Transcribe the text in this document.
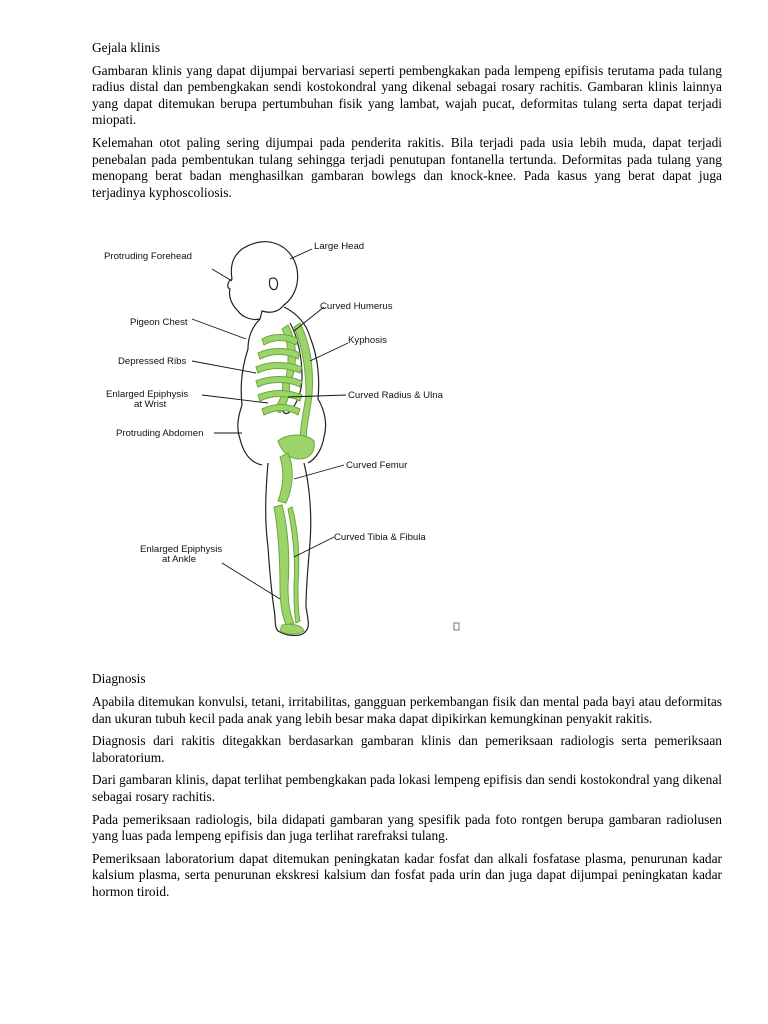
Gejala klinis

Gambaran klinis yang dapat dijumpai bervariasi seperti pembengkakan pada lempeng epifisis terutama pada tulang radius distal dan pembengkakan sendi kostokondral yang dikenal sebagai rosary rachitis. Gambaran klinis lainnya yang dapat ditemukan berupa pertumbuhan fisik yang lambat, wajah pucat, deformitas tulang serta dapat terjadi miopati.

Kelemahan otot paling sering dijumpai pada penderita rakitis. Bila terjadi pada usia lebih muda, dapat terjadi penebalan pada pembentukan tulang sehingga terjadi penutupan fontanella tertunda. Deformitas pada tulang yang menopang berat badan menghasilkan gambaran bowlegs dan knock-knee. Pada kasus yang berat dapat juga terjadinya kyphoscoliosis.

Large Head
Protruding Forehead
Curved Humerus
Pigeon Chest
Kyphosis
Depressed Ribs
Enlarged Epiphysis
at Wrist
Curved Radius & Ulna
Protruding Abdomen
Curved Femur
Curved Tibia & Fibula
Enlarged Epiphysis
at Ankle

Diagnosis

Apabila ditemukan konvulsi, tetani, irritabilitas, gangguan perkembangan fisik dan mental pada bayi atau deformitas dan ukuran tubuh kecil pada anak yang lebih besar maka dapat dipikirkan kemungkinan penyakit rakitis.

Diagnosis dari rakitis ditegakkan berdasarkan gambaran klinis dan pemeriksaan radiologis serta pemeriksaan laboratorium.

Dari gambaran klinis, dapat terlihat pembengkakan pada lokasi lempeng epifisis dan sendi kostokondral yang dikenal sebagai rosary rachitis.

Pada pemeriksaan radiologis, bila didapati gambaran yang spesifik pada foto rontgen berupa gambaran radiolusen yang luas pada lempeng epifisis dan juga terlihat rarefraksi tulang.

Pemeriksaan laboratorium dapat ditemukan peningkatan kadar fosfat dan alkali fosfatase plasma, penurunan kadar kalsium plasma, serta penurunan ekskresi kalsium dan fosfat pada urin dan juga dapat dijumpai peningkatan kadar hormon tiroid.
